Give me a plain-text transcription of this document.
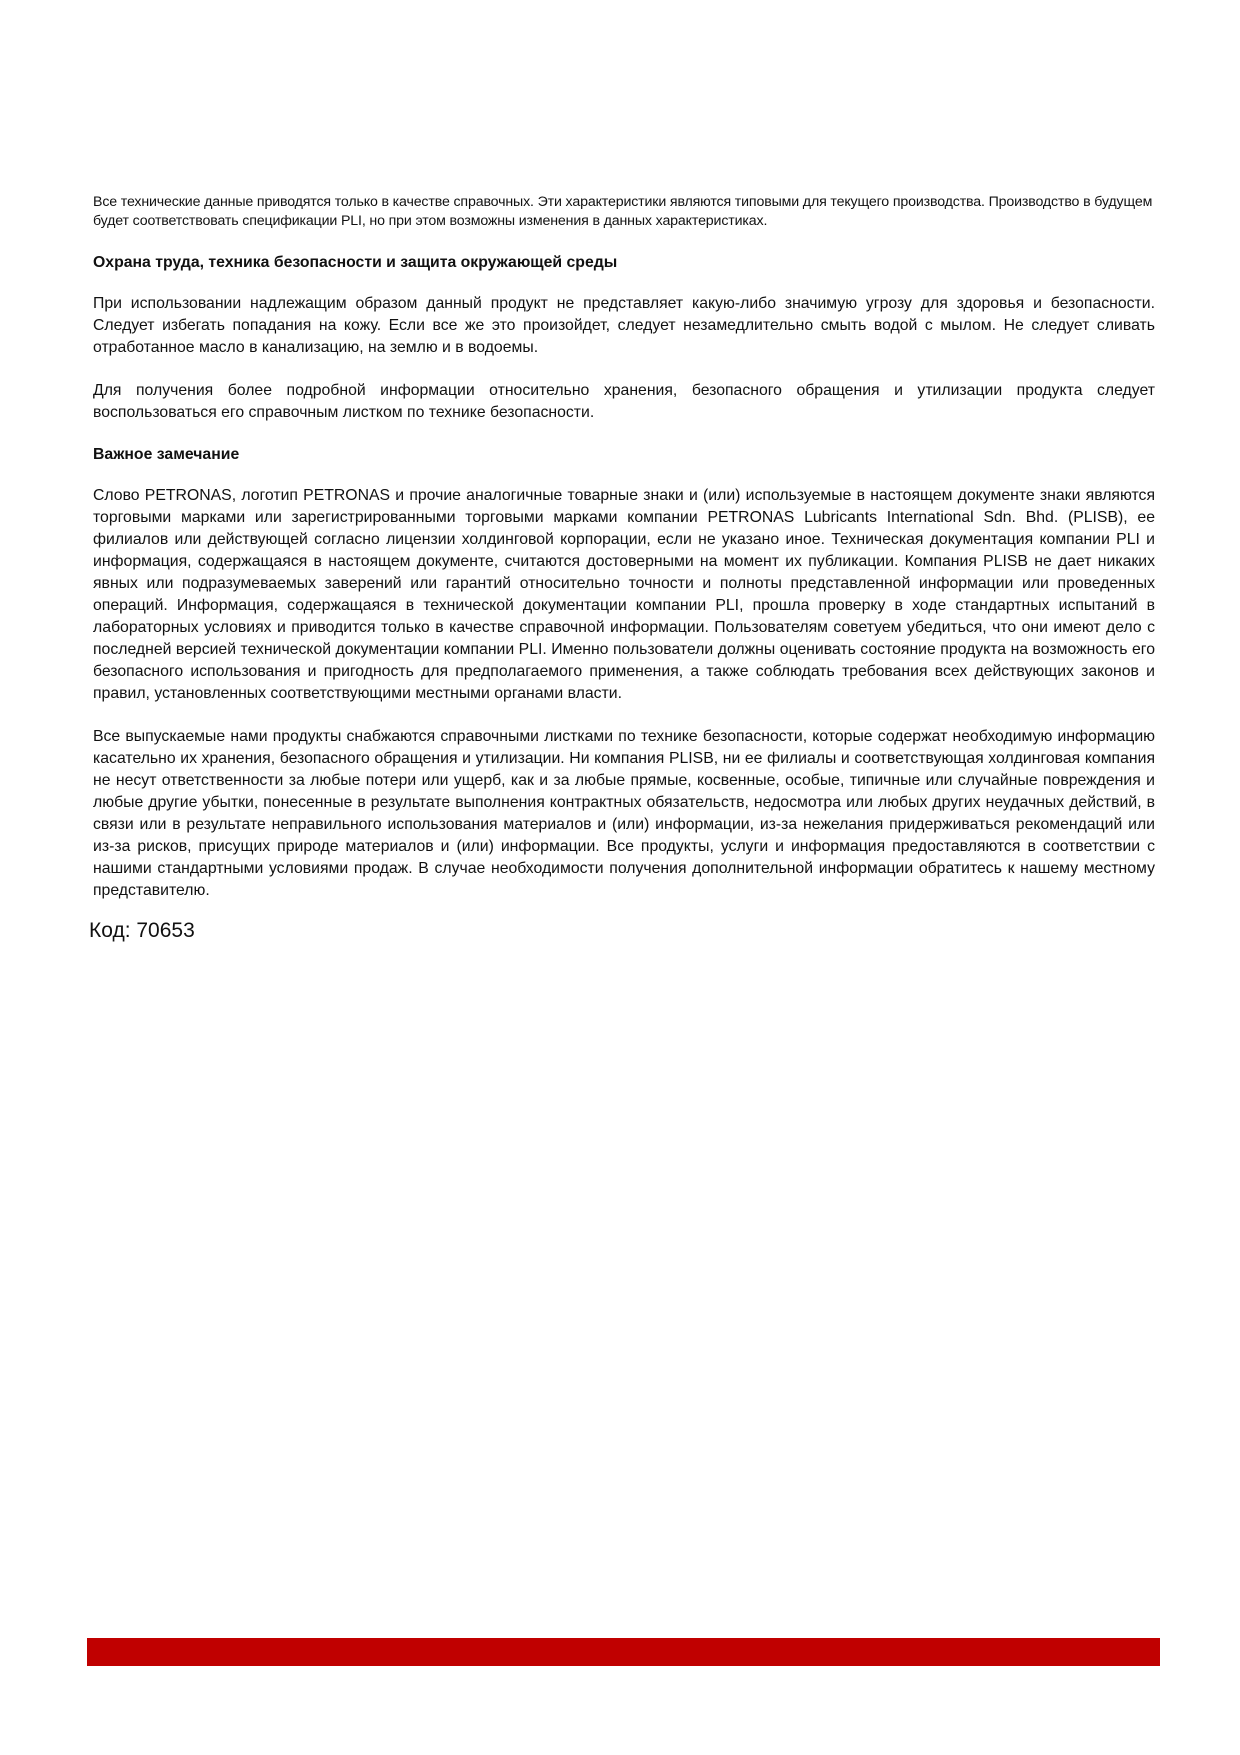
Все технические данные приводятся только в качестве справочных. Эти характеристики являются типовыми для текущего производства. Производство в будущем будет соответствовать спецификации PLI, но при этом возможны изменения в данных характеристиках.

Охрана труда, техника безопасности и защита окружающей среды

При использовании надлежащим образом данный продукт не представляет какую-либо значимую угрозу для здоровья и безопасности. Следует избегать попадания на кожу. Если все же это произойдет, следует незамедлительно смыть водой с мылом. Не следует сливать отработанное масло в канализацию, на землю и в водоемы.

Для получения более подробной информации относительно хранения, безопасного обращения и утилизации продукта следует воспользоваться его справочным листком по технике безопасности.

Важное замечание

Слово PETRONAS, логотип PETRONAS и прочие аналогичные товарные знаки и (или) используемые в настоящем документе знаки являются торговыми марками или зарегистрированными торговыми марками компании PETRONAS Lubricants International Sdn. Bhd. (PLISB), ее филиалов или действующей согласно лицензии холдинговой корпорации, если не указано иное. Техническая документация компании PLI и информация, содержащаяся в настоящем документе, считаются достоверными на момент их публикации. Компания PLISB не дает никаких явных или подразумеваемых заверений или гарантий относительно точности и полноты представленной информации или проведенных операций. Информация, содержащаяся в технической документации компании PLI, прошла проверку в ходе стандартных испытаний в лабораторных условиях и приводится только в качестве справочной информации. Пользователям советуем убедиться, что они имеют дело с последней версией технической документации компании PLI. Именно пользователи должны оценивать состояние продукта на возможность его безопасного использования и пригодность для предполагаемого применения, а также соблюдать требования всех действующих законов и правил, установленных соответствующими местными органами власти.

Все выпускаемые нами продукты снабжаются справочными листками по технике безопасности, которые содержат необходимую информацию касательно их хранения, безопасного обращения и утилизации. Ни компания PLISB, ни ее филиалы и соответствующая холдинговая компания не несут ответственности за любые потери или ущерб, как и за любые прямые, косвенные, особые, типичные или случайные повреждения и любые другие убытки, понесенные в результате выполнения контрактных обязательств, недосмотра или любых других неудачных действий, в связи или в результате неправильного использования материалов и (или) информации, из-за нежелания придерживаться рекомендаций или из-за рисков, присущих природе материалов и (или) информации. Все продукты, услуги и информация предоставляются в соответствии с нашими стандартными условиями продаж. В случае необходимости получения дополнительной информации обратитесь к нашему местному представителю.

Код: 70653
